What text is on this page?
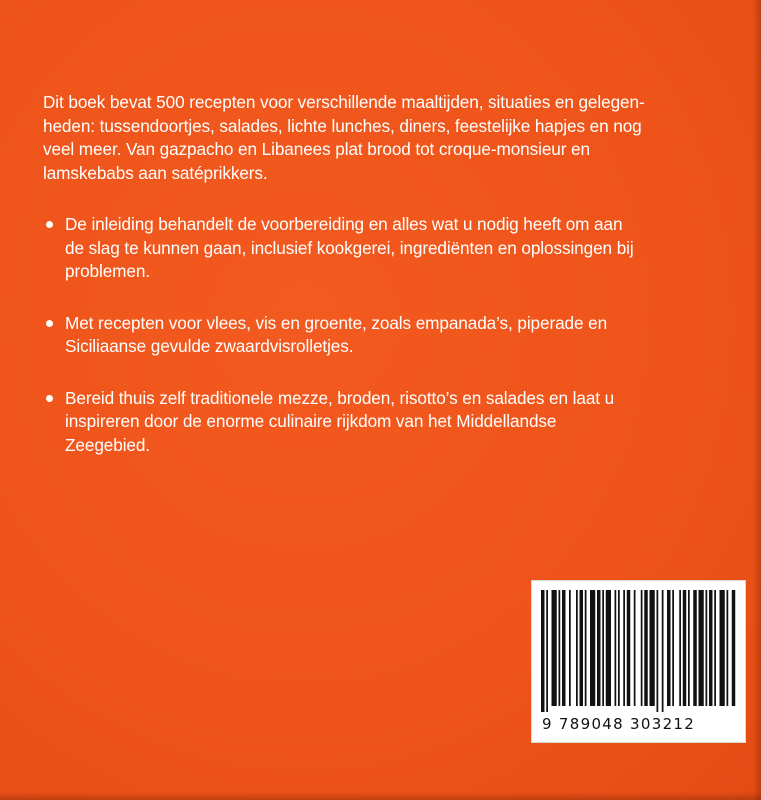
Dit boek bevat 500 recepten voor verschillende maaltijden, situaties en gelegen-
heden: tussendoortjes, salades, lichte lunches, diners, feestelijke hapjes en nog
veel meer. Van gazpacho en Libanees plat brood tot croque-monsieur en
lamskebabs aan satéprikkers.

De inleiding behandelt de voorbereiding en alles wat u nodig heeft om aan
de slag te kunnen gaan, inclusief kookgerei, ingrediënten en oplossingen bij
problemen.
Met recepten voor vlees, vis en groente, zoals empanada’s, piperade en
Siciliaanse gevulde zwaardvisrolletjes.
Bereid thuis zelf traditionele mezze, broden, risotto’s en salades en laat u
inspireren door de enorme culinaire rijkdom van het Middellandse
Zeegebied.
9 789048 303212
